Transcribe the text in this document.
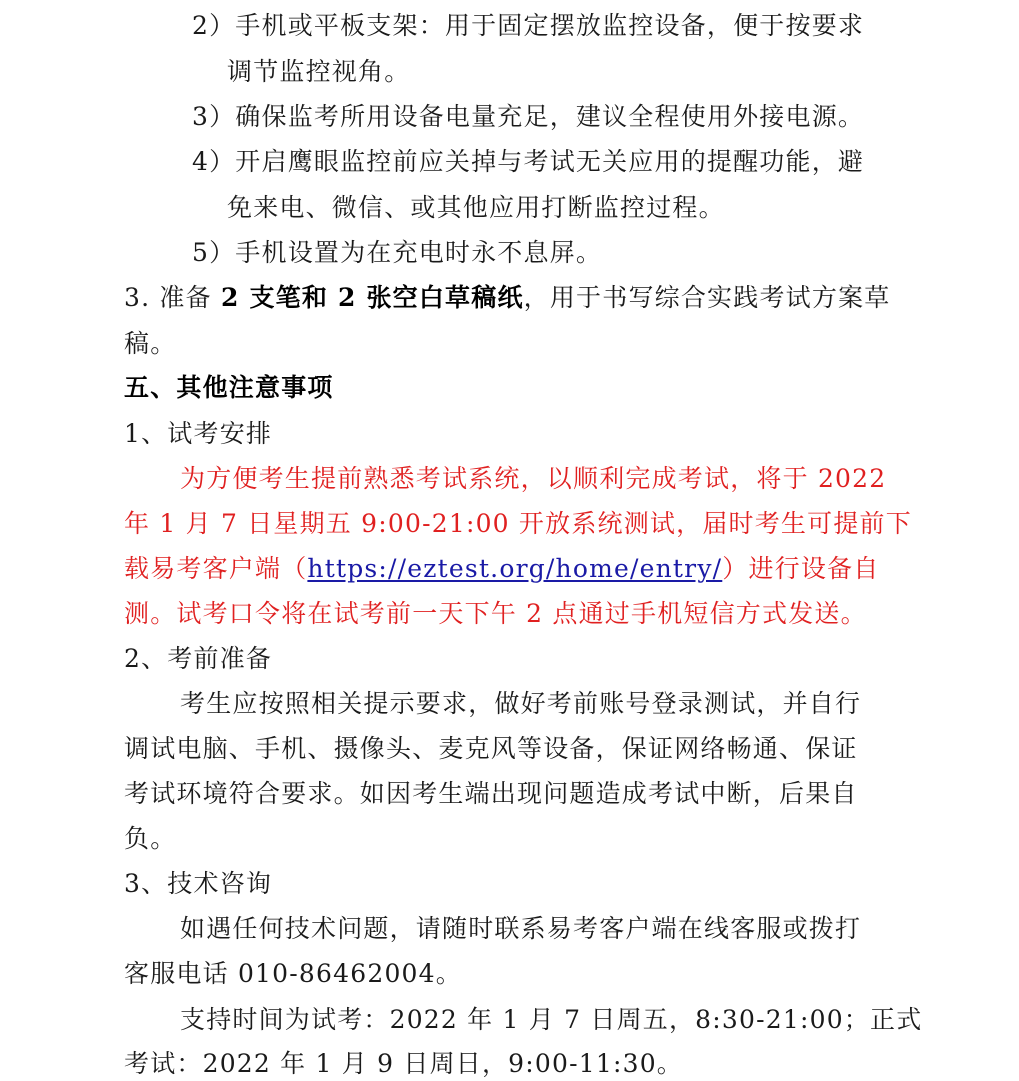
2）手机或平板支架：用于固定摆放监控设备，便于按要求
调节监控视角。
3）确保监考所用设备电量充足，建议全程使用外接电源。
4）开启鹰眼监控前应关掉与考试无关应用的提醒功能，避
免来电、微信、或其他应用打断监控过程。
5）手机设置为在充电时永不息屏。
3. 准备 2 支笔和 2 张空白草稿纸，用于书写综合实践考试方案草
稿。
五、其他注意事项
1、试考安排
为方便考生提前熟悉考试系统，以顺利完成考试，将于 2022
年 1 月 7 日星期五 9:00-21:00 开放系统测试，届时考生可提前下
载易考客户端（https://eztest.org/home/entry/）进行设备自
测。试考口令将在试考前一天下午 2 点通过手机短信方式发送。
2、考前准备
考生应按照相关提示要求，做好考前账号登录测试，并自行
调试电脑、手机、摄像头、麦克风等设备，保证网络畅通、保证
考试环境符合要求。如因考生端出现问题造成考试中断，后果自
负。
3、技术咨询
如遇任何技术问题，请随时联系易考客户端在线客服或拨打
客服电话 010-86462004。
支持时间为试考：2022 年 1 月 7 日周五，8:30-21:00；正式
考试：2022 年 1 月 9 日周日，9:00-11:30。
